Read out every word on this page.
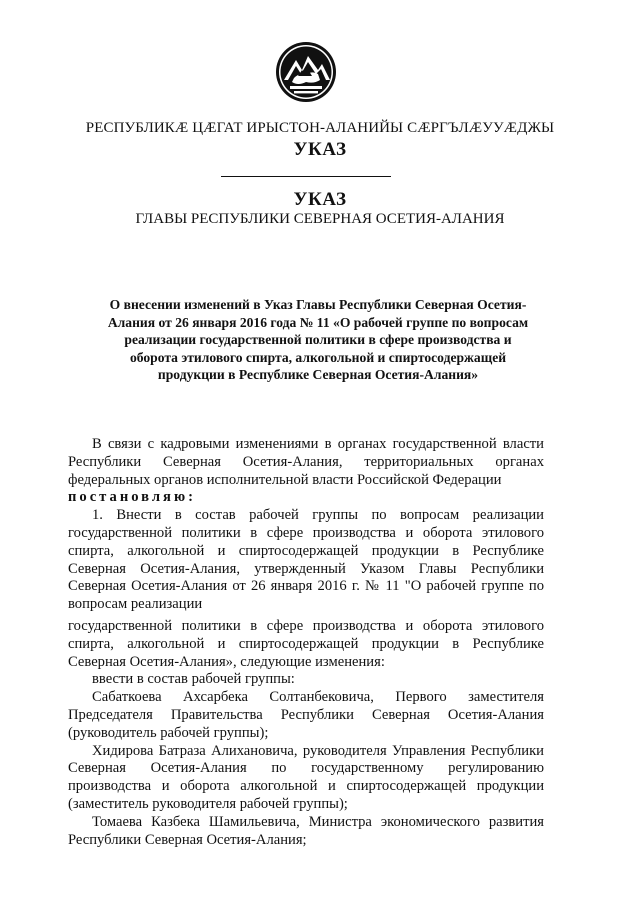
РЕСПУБЛИКӔ ЦӔГАТ ИРЫСТОН-АЛАНИЙЫ СӔРГЪЛӔУУӔДЖЫ
УКАЗ
УКАЗ
ГЛАВЫ РЕСПУБЛИКИ СЕВЕРНАЯ ОСЕТИЯ-АЛАНИЯ
О внесении изменений в Указ Главы Республики Северная Осетия-
Алания от 26 января 2016 года № 11 «О рабочей группе по вопросам
реализации государственной политики в сфере производства и
оборота этилового спирта, алкогольной и спиртосодержащей
продукции в Республике Северная Осетия-Алания»

В связи с кадровыми изменениями в органах государственной власти Республики Северная Осетия-Алания, территориальных органах федеральных органов исполнительной власти Российской Федерации

постановляю:

1. Внести в состав рабочей группы по вопросам реализации государственной политики в сфере производства и оборота этилового спирта, алкогольной и спиртосодержащей продукции в Республике Северная Осетия-Алания, утвержденный Указом Главы Республики Северная Осетия-Алания от 26 января 2016 г. № 11 "О рабочей группе по вопросам реализации

государственной политики в сфере производства и оборота этилового спирта, алкогольной и спиртосодержащей продукции в Республике Северная Осетия-Алания», следующие изменения:

ввести в состав рабочей группы:

Сабаткоева Ахсарбека Солтанбековича, Первого заместителя Председателя Правительства Республики Северная Осетия-Алания (руководитель рабочей группы);

Хидирова Батраза Алихановича, руководителя Управления Республики Северная Осетия-Алания по государственному регулированию производства и оборота алкогольной и спиртосодержащей продукции (заместитель руководителя рабочей группы);

Томаева Казбека Шамильевича, Министра экономического развития Республики Северная Осетия-Алания;
